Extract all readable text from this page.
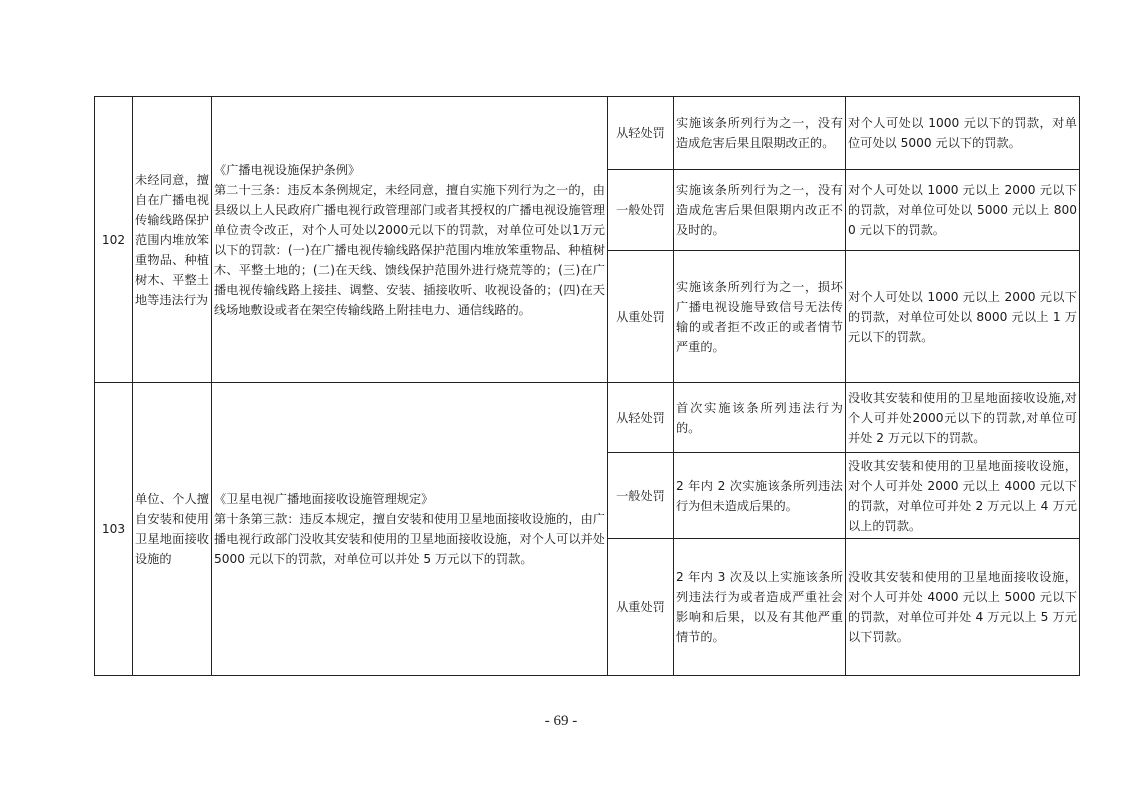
102	未经同意，擅自在广播电视传输线路保护范围内堆放笨重物品、种植树木、平整土地等违法行为	《广播电视设施保护条例》
第二十三条：违反本条例规定，未经同意，擅自实施下列行为之一的，由县级以上人民政府广播电视行政管理部门或者其授权的广播电视设施管理单位责令改正，对个人可处以2000元以下的罚款，对单位可处以1万元以下的罚款：(一)在广播电视传输线路保护范围内堆放笨重物品、种植树木、平整土地的；(二)在天线、馈线保护范围外进行烧荒等的；(三)在广播电视传输线路上接挂、调整、安装、插接收听、收视设备的；(四)在天线场地敷设或者在架空传输线路上附挂电力、通信线路的。	从轻处罚	实施该条所列行为之一，没有造成危害后果且限期改正的。	对个人可处以 1000 元以下的罚款，对单位可处以 5000 元以下的罚款。
			一般处罚	实施该条所列行为之一，没有造成危害后果但限期内改正不及时的。	对个人可处以 1000 元以上 2000 元以下的罚款，对单位可处以 5000 元以上 8000 元以下的罚款。
			从重处罚	实施该条所列行为之一，损坏广播电视设施导致信号无法传输的或者拒不改正的或者情节严重的。	对个人可处以 1000 元以上 2000 元以下的罚款，对单位可处以 8000 元以上 1 万元以下的罚款。
103	单位、个人擅自安装和使用卫星地面接收设施的	《卫星电视广播地面接收设施管理规定》
第十条第三款：违反本规定，擅自安装和使用卫星地面接收设施的，由广播电视行政部门没收其安装和使用的卫星地面接收设施，对个人可以并处5000 元以下的罚款，对单位可以并处 5 万元以下的罚款。	从轻处罚	首次实施该条所列违法行为的。	没收其安装和使用的卫星地面接收设施,对个人可并处2000元以下的罚款,对单位可并处 2 万元以下的罚款。
			一般处罚	2 年内 2 次实施该条所列违法行为但未造成后果的。	没收其安装和使用的卫星地面接收设施，对个人可并处 2000 元以上 4000 元以下的罚款，对单位可并处 2 万元以上 4 万元以上的罚款。
			从重处罚	2 年内 3 次及以上实施该条所列违法行为或者造成严重社会影响和后果，以及有其他严重情节的。	没收其安装和使用的卫星地面接收设施，对个人可并处 4000 元以上 5000 元以下的罚款，对单位可并处 4 万元以上 5 万元以下罚款。
- 69 -
